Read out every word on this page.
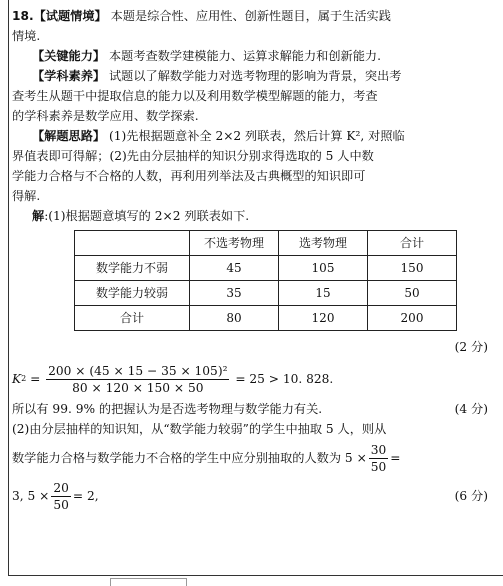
18.【试题情境】 本题是综合性、应用性、创新性题目，属于生活实践
情境.
【关键能力】 本题考查数学建模能力、运算求解能力和创新能力.
【学科素养】 试题以了解数学能力对选考物理的影响为背景，突出考
查考生从题干中提取信息的能力以及利用数学模型解题的能力，考查
的学科素养是数学应用、数学探索.
【解题思路】 (1)先根据题意补全 2×2 列联表，然后计算 K², 对照临
界值表即可得解；(2)先由分层抽样的知识分别求得选取的 5 人中数
学能力合格与不合格的人数，再利用列举法及古典概型的知识即可
得解.
解:(1)根据题意填写的 2×2 列联表如下.
	不选考物理	选考物理	合计
数学能力不弱	45	105	150
数学能力较弱	35	15	50
合计	80	120	200
(2 分)
K $2 = \frac{\text{200 × (45 × 15 − 35 × 105)²}}{80 \times 120 \times 150 \times 50}$
= 25 > 10. 828.
所以有 99. 9% 的把握认为是否选考物理与数学能力有关.	(4 分)
(2)由分层抽样的知识知，从“数学能力较弱”的学生中抽取 5 人，则从
数学能力合格与数学能力不合格的学生中应分别抽取的人数为 $5 \times \frac{30}{50}$ =
3, $5 \times \frac{20}{50} = 2$,	(6 分)
